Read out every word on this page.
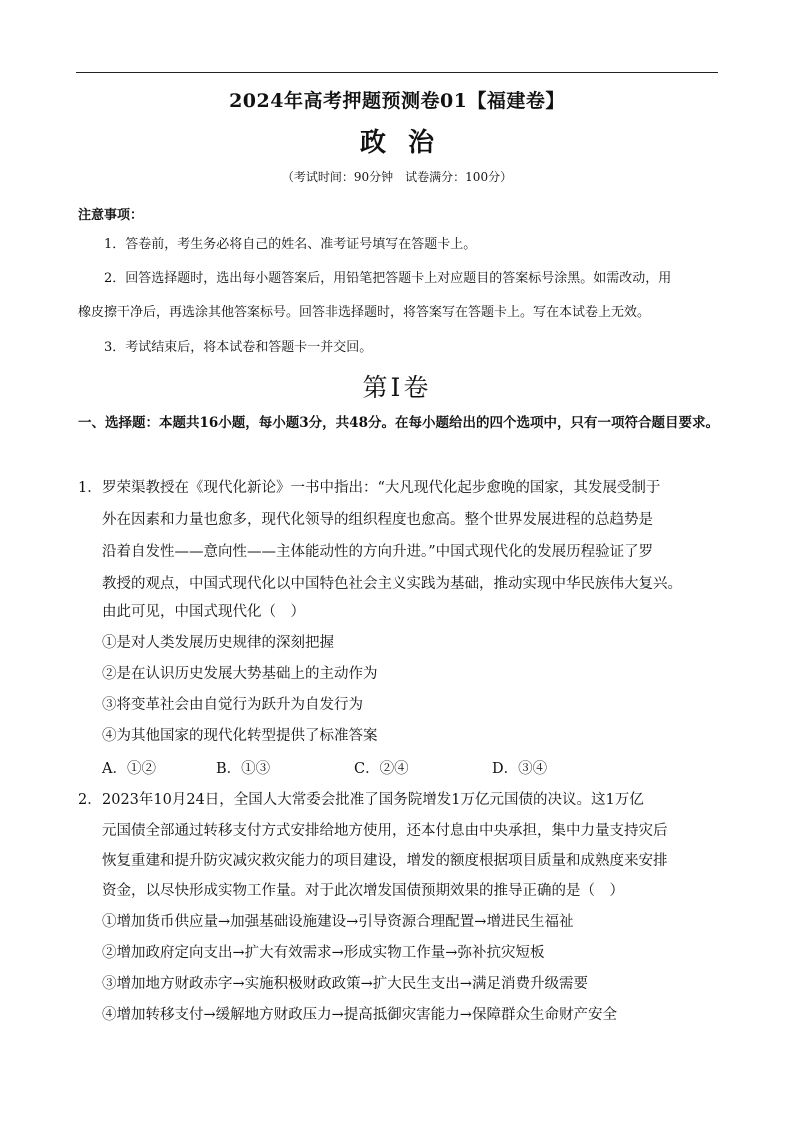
2024年高考押题预测卷01【福建卷】
政治
（考试时间：90分钟　试卷满分：100分）
注意事项：
1．答卷前，考生务必将自己的姓名、准考证号填写在答题卡上。
2．回答选择题时，选出每小题答案后，用铅笔把答题卡上对应题目的答案标号涂黑。如需改动，用
橡皮擦干净后，再选涂其他答案标号。回答非选择题时，将答案写在答题卡上。写在本试卷上无效。
3．考试结束后，将本试卷和答题卡一并交回。
第Ⅰ卷
一、选择题：本题共16小题，每小题3分，共48分。在每小题给出的四个选项中，只有一项符合题目要求。
1． 罗荣渠教授在《现代化新论》一书中指出：“大凡现代化起步愈晚的国家，其发展受制于
外在因素和力量也愈多，现代化领导的组织程度也愈高。整个世界发展进程的总趋势是
沿着自发性——意向性——主体能动性的方向升进。”中国式现代化的发展历程验证了罗
教授的观点，中国式现代化以中国特色社会主义实践为基础，推动实现中华民族伟大复兴。
由此可见，中国式现代化（　）
①是对人类发展历史规律的深刻把握
②是在认识历史发展大势基础上的主动作为
③将变革社会由自觉行为跃升为自发行为
④为其他国家的现代化转型提供了标准答案
A．①②	B．①③	C．②④	D．③④
2． 2023年10月24日，全国人大常委会批准了国务院增发1万亿元国债的决议。这1万亿
元国债全部通过转移支付方式安排给地方使用，还本付息由中央承担，集中力量支持灾后
恢复重建和提升防灾减灾救灾能力的项目建设，增发的额度根据项目质量和成熟度来安排
资金，以尽快形成实物工作量。对于此次增发国债预期效果的推导正确的是（　）
①增加货币供应量→加强基础设施建设→引导资源合理配置→增进民生福祉
②增加政府定向支出→扩大有效需求→形成实物工作量→弥补抗灾短板
③增加地方财政赤字→实施积极财政政策→扩大民生支出→满足消费升级需要
④增加转移支付→缓解地方财政压力→提高抵御灾害能力→保障群众生命财产安全
